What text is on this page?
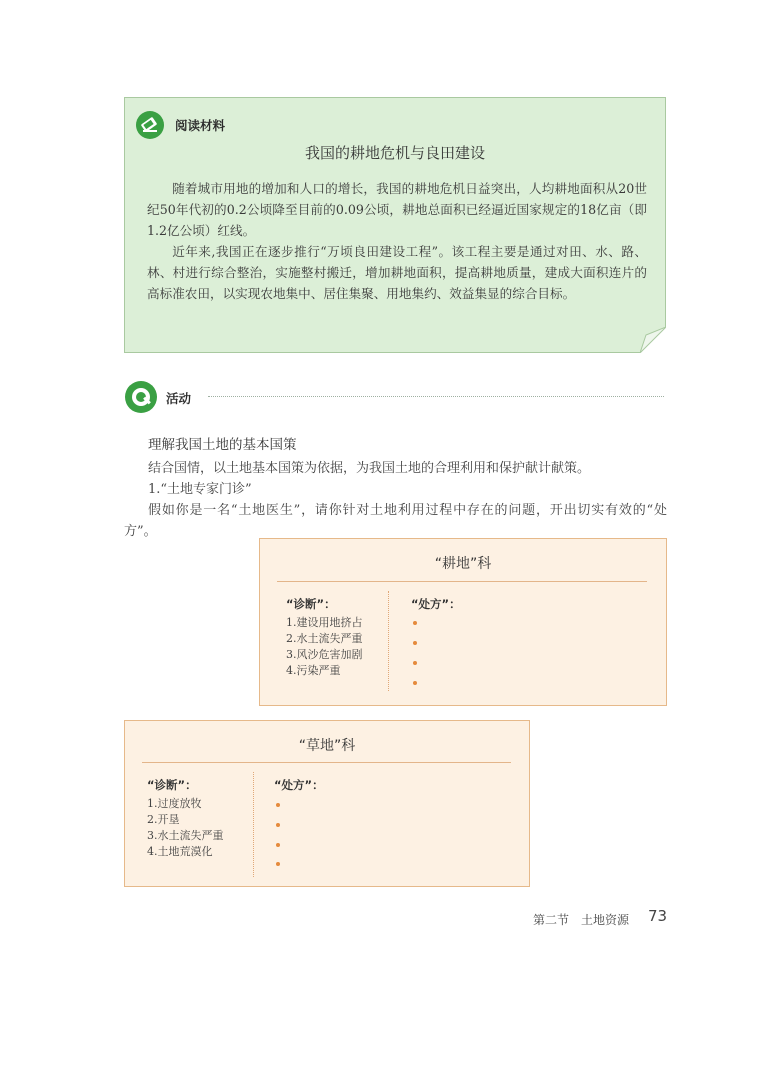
阅读材料
我国的耕地危机与良田建设

随着城市用地的增加和人口的增长，我国的耕地危机日益突出，人均耕地面积从20世纪50年代初的0.2公顷降至目前的0.09公顷，耕地总面积已经逼近国家规定的18亿亩（即1.2亿公顷）红线。

近年来,我国正在逐步推行“万顷良田建设工程”。该工程主要是通过对田、水、路、林、村进行综合整治，实施整村搬迁，增加耕地面积，提高耕地质量，建成大面积连片的高标准农田，以实现农地集中、居住集聚、用地集约、效益集显的综合目标。

活动
理解我国土地的基本国策

结合国情，以土地基本国策为依据，为我国土地的合理利用和保护献计献策。

1.“土地专家门诊”

假如你是一名“土地医生”，请你针对土地利用过程中存在的问题，开出切实有效的“处方”。

“耕地”科
“诊断”：	“处方”：
1.建设用地挤占
2.水土流失严重
3.风沙危害加剧
4.污染严重
“草地”科
“诊断”：	“处方”：
1.过度放牧
2.开垦
3.水土流失严重
4.土地荒漠化
第二节　土地资源 73
